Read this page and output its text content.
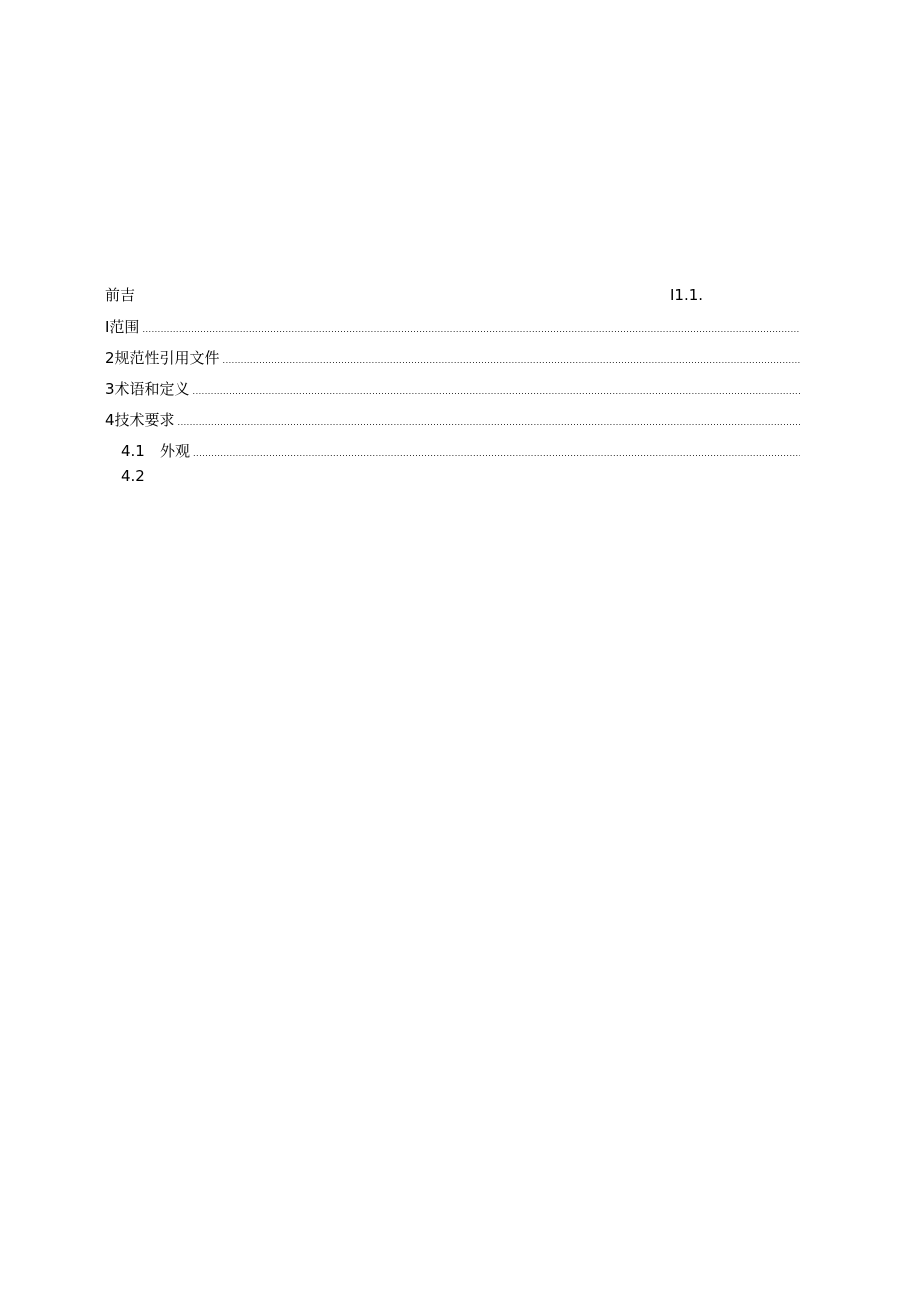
前吉	I1.1.
I范围
.....
2规范性引用文件
.....
3术语和定义
.....
4技术要求
.....
4.1 外观
.....
4.2
